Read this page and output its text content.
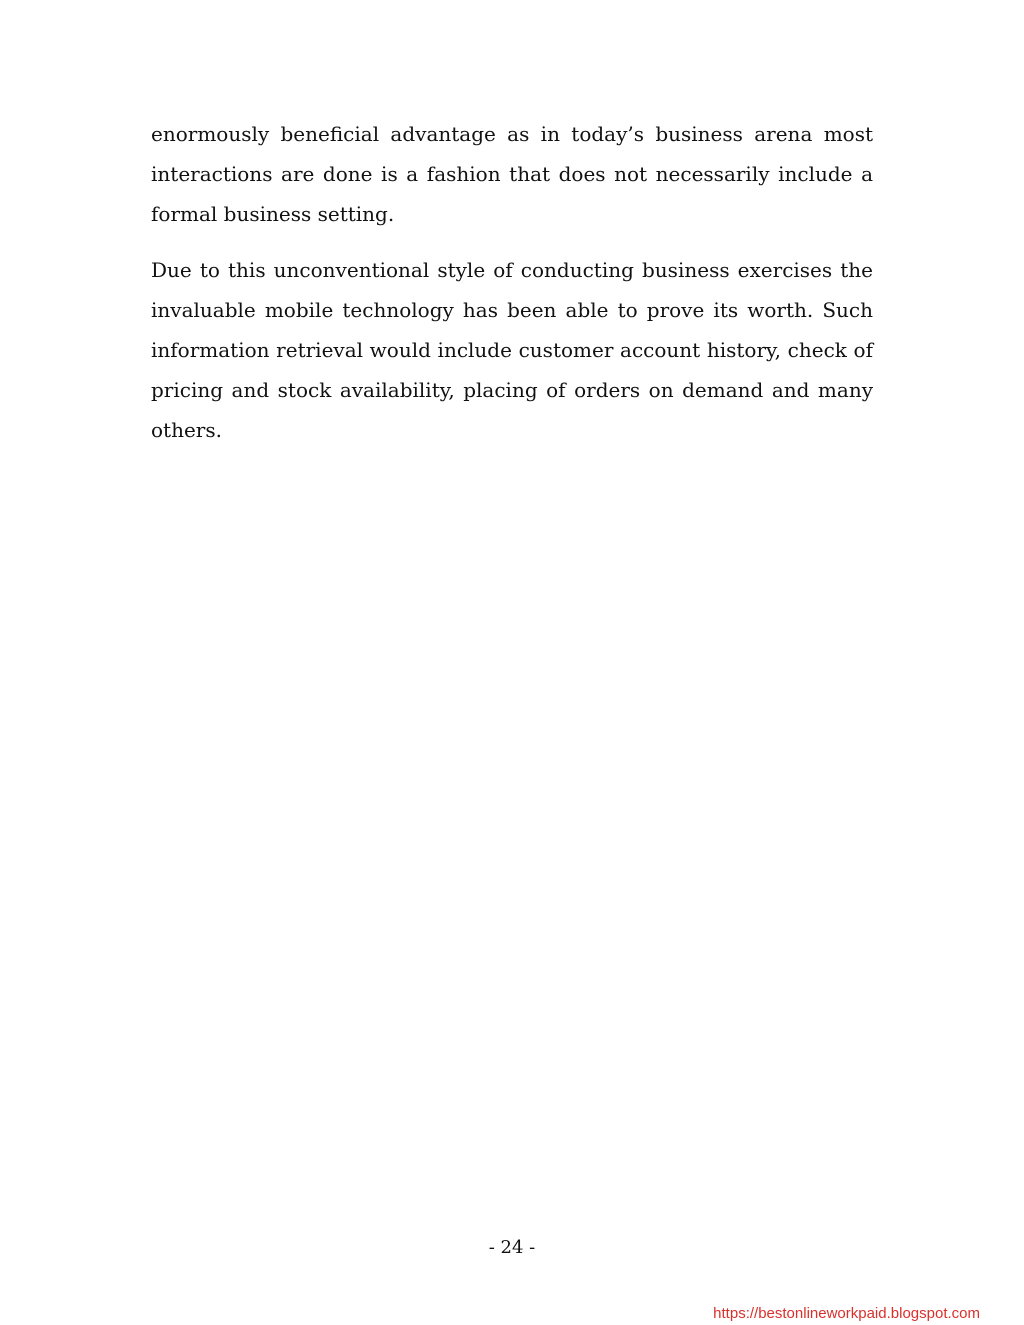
enormously beneficial advantage as in today’s business arena most interactions are done is a fashion that does not necessarily include a formal business setting.

Due to this unconventional style of conducting business exercises the invaluable mobile technology has been able to prove its worth. Such information retrieval would include customer account history, check of pricing and stock availability, placing of orders on demand and many others.

- 24 -
https://bestonlineworkpaid.blogspot.com
